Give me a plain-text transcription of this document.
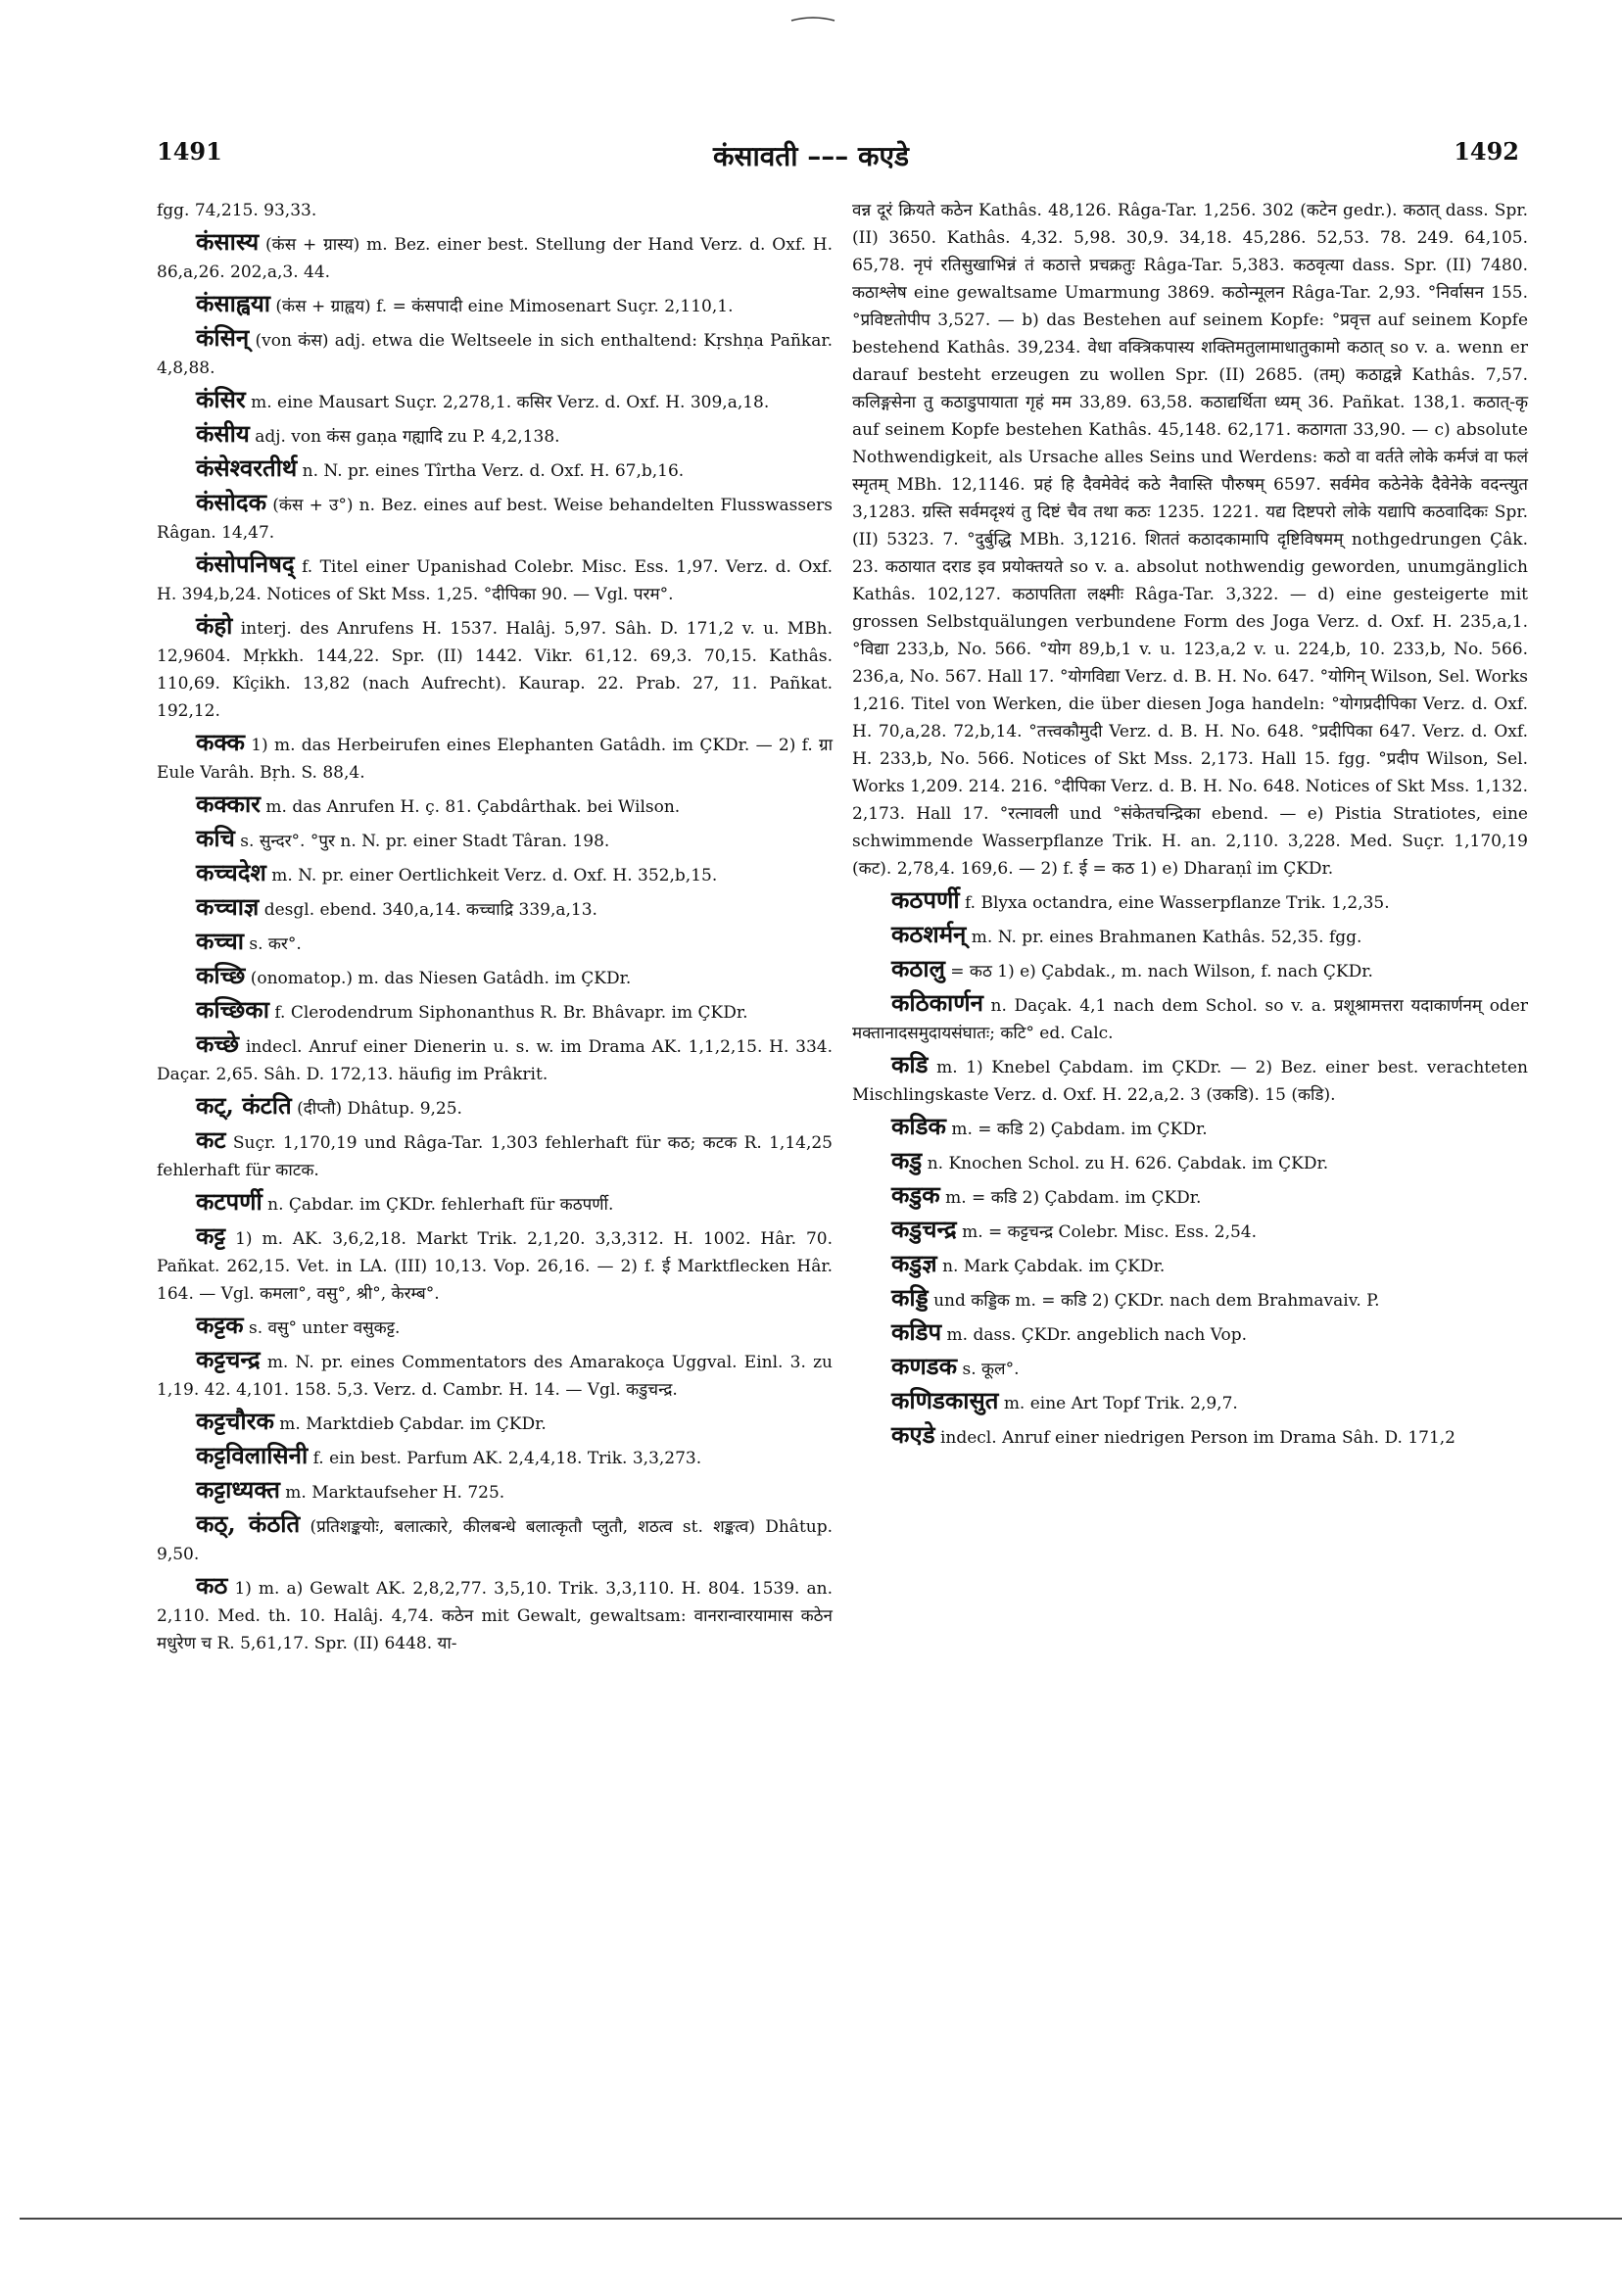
1491	कंसावती ––– कएडे	1492

fgg. 74,215. 93,33.

कंसास्य (कंस + ग्रास्य) m. Bez. einer best. Stellung der Hand Verz. d. Oxf. H. 86,a,26. 202,a,3. 44.

कंसाह्वया (कंस + ग्राह्वय) f. = कंसपादी eine Mimosenart Suçr. 2,110,1.

कंसिन् (von कंस) adj. etwa die Weltseele in sich enthaltend: Kṛshṇa Pañkar. 4,8,88.

कंसिर m. eine Mausart Suçr. 2,278,1. कसिर Verz. d. Oxf. H. 309,a,18.

कंसीय adj. von कंस gaṇa गह्यादि zu P. 4,2,138.

कंसेश्वरतीर्थ n. N. pr. eines Tîrtha Verz. d. Oxf. H. 67,b,16.

कंसोदक (कंस + उ°) n. Bez. eines auf best. Weise behandelten Flusswassers Râgan. 14,47.

कंसोपनिषद् f. Titel einer Upanishad Colebr. Misc. Ess. 1,97. Verz. d. Oxf. H. 394,b,24. Notices of Skt Mss. 1,25. °दीपिका 90. — Vgl. परम°.

कंहो interj. des Anrufens H. 1537. Halâj. 5,97. Sâh. D. 171,2 v. u. MBh. 12,9604. Mṛkkh. 144,22. Spr. (II) 1442. Vikr. 61,12. 69,3. 70,15. Kathâs. 110,69. Kîçikh. 13,82 (nach Aufrecht). Kaurap. 22. Prab. 27, 11. Pañkat. 192,12.

कक्क 1) m. das Herbeirufen eines Elephanten Gatâdh. im ÇKDr. — 2) f. ग्रा Eule Varâh. Bṛh. S. 88,4.

कक्कार m. das Anrufen H. ç. 81. Çabdârthak. bei Wilson.

कचि s. सुन्दर°. °पुर n. N. pr. einer Stadt Târan. 198.

कच्चदेश m. N. pr. einer Oertlichkeit Verz. d. Oxf. H. 352,b,15.

कच्चाज्ञ desgl. ebend. 340,a,14. कच्चाद्रि 339,a,13.

कच्चा s. कर°.

कच्छि (onomatop.) m. das Niesen Gatâdh. im ÇKDr.

कच्छिका f. Clerodendrum Siphonanthus R. Br. Bhâvapr. im ÇKDr.

कच्छे indecl. Anruf einer Dienerin u. s. w. im Drama AK. 1,1,2,15. H. 334. Daçar. 2,65. Sâh. D. 172,13. häufig im Prâkrit.

कट्, कंटति (दीप्तौ) Dhâtup. 9,25.

कट Suçr. 1,170,19 und Râga-Tar. 1,303 fehlerhaft für कठ; कटक R. 1,14,25 fehlerhaft für काटक.

कटपर्णी n. Çabdar. im ÇKDr. fehlerhaft für कठपर्णी.

कट्ट 1) m. AK. 3,6,2,18. Markt Trik. 2,1,20. 3,3,312. H. 1002. Hâr. 70. Pañkat. 262,15. Vet. in LA. (III) 10,13. Vop. 26,16. — 2) f. ई Marktflecken Hâr. 164. — Vgl. कमला°, वसु°, श्री°, केरम्ब°.

कट्टक s. वसु° unter वसुकट्ट.

कट्टचन्द्र m. N. pr. eines Commentators des Amarakoça Uggval. Einl. 3. zu 1,19. 42. 4,101. 158. 5,3. Verz. d. Cambr. H. 14. — Vgl. कडुचन्द्र.

कट्टचौरक m. Marktdieb Çabdar. im ÇKDr.

कट्टविलासिनी f. ein best. Parfum AK. 2,4,4,18. Trik. 3,3,273.

कट्टाध्यक्त m. Marktaufseher H. 725.

कठ्, कंठति (प्रतिशङ्कयोः, बलात्कारे, कीलबन्धे बलात्कृतौ प्लुतौ, शठत्व st. शङ्कत्व) Dhâtup. 9,50.

कठ 1) m. a) Gewalt AK. 2,8,2,77. 3,5,10. Trik. 3,3,110. H. 804. 1539. an. 2,110. Med. th. 10. Halâj. 4,74. कठेन mit Gewalt, gewaltsam: वानरान्वारयामास कठेन मधुरेण च R. 5,61,17. Spr. (II) 6448. या-

वन्न दूरं क्रियते कठेन Kathâs. 48,126. Râga-Tar. 1,256. 302 (कटेन gedr.). कठात् dass. Spr. (II) 3650. Kathâs. 4,32. 5,98. 30,9. 34,18. 45,286. 52,53. 78. 249. 64,105. 65,78. नृपं रतिसुखाभिन्नं तं कठात्ते प्रचक्रतुः Râga-Tar. 5,383. कठवृत्या dass. Spr. (II) 7480. कठाश्लेष eine gewaltsame Umarmung 3869. कठोन्मूलन Râga-Tar. 2,93. °निर्वासन 155. °प्रविष्टतोपीप 3,527. — b) das Bestehen auf seinem Kopfe: °प्रवृत्त auf seinem Kopfe bestehend Kathâs. 39,234. वेधा वक्त्रिकपास्य शक्तिमतुलामाधातुकामो कठात् so v. a. wenn er darauf besteht erzeugen zu wollen Spr. (II) 2685. (तम्) कठाद्वन्ने Kathâs. 7,57. कलिङ्गसेना तु कठाडुपायाता गृहं मम 33,89. 63,58. कठाद्यर्थिता ध्यम् 36. Pañkat. 138,1. कठात्-कृ auf seinem Kopfe bestehen Kathâs. 45,148. 62,171. कठागता 33,90. — c) absolute Nothwendigkeit, als Ursache alles Seins und Werdens: कठो वा वर्तते लोके कर्मजं वा फलं स्मृतम् MBh. 12,1146. प्रहं हि दैवमेवेदं कठे नैवास्ति पौरुषम् 6597. सर्वमेव कठेनेके दैवेनेके वदन्त्युत 3,1283. ग्रस्ति सर्वमदृश्यं तु दिष्टं चैव तथा कठः 1235. 1221. यद्य दिष्टपरो लोके यद्यापि कठवादिकः Spr. (II) 5323. 7. °दुर्बुद्धि MBh. 3,1216. शिततं कठादकामापि दृष्टिविषमम् nothgedrungen Çâk. 23. कठायात दराड इव प्रयोक्तयते so v. a. absolut nothwendig geworden, unumgänglich Kathâs. 102,127. कठापतिता लक्ष्मीः Râga-Tar. 3,322. — d) eine gesteigerte mit grossen Selbstquälungen verbundene Form des Joga Verz. d. Oxf. H. 235,a,1. °विद्या 233,b, No. 566. °योग 89,b,1 v. u. 123,a,2 v. u. 224,b, 10. 233,b, No. 566. 236,a, No. 567. Hall 17. °योगविद्या Verz. d. B. H. No. 647. °योगिन् Wilson, Sel. Works 1,216. Titel von Werken, die über diesen Joga handeln: °योगप्रदीपिका Verz. d. Oxf. H. 70,a,28. 72,b,14. °तत्त्वकौमुदी Verz. d. B. H. No. 648. °प्रदीपिका 647. Verz. d. Oxf. H. 233,b, No. 566. Notices of Skt Mss. 2,173. Hall 15. fgg. °प्रदीप Wilson, Sel. Works 1,209. 214. 216. °दीपिका Verz. d. B. H. No. 648. Notices of Skt Mss. 1,132. 2,173. Hall 17. °रत्नावली und °संकेतचन्द्रिका ebend. — e) Pistia Stratiotes, eine schwimmende Wasserpflanze Trik. H. an. 2,110. 3,228. Med. Suçr. 1,170,19 (कट). 2,78,4. 169,6. — 2) f. ई = कठ 1) e) Dharaṇî im ÇKDr.

कठपर्णी f. Blyxa octandra, eine Wasserpflanze Trik. 1,2,35.

कठशर्मन् m. N. pr. eines Brahmanen Kathâs. 52,35. fgg.

कठालु = कठ 1) e) Çabdak., m. nach Wilson, f. nach ÇKDr.

कठिकार्णन n. Daçak. 4,1 nach dem Schol. so v. a. प्रशूश्रामत्तरा यदाकार्णनम् oder मक्तानादसमुदायसंघातः; कटि° ed. Calc.

कडि m. 1) Knebel Çabdam. im ÇKDr. — 2) Bez. einer best. verachteten Mischlingskaste Verz. d. Oxf. H. 22,a,2. 3 (उकडि). 15 (कडि).

कडिक m. = कडि 2) Çabdam. im ÇKDr.

कडु n. Knochen Schol. zu H. 626. Çabdak. im ÇKDr.

कडुक m. = कडि 2) Çabdam. im ÇKDr.

कडुचन्द्र m. = कट्टचन्द्र Colebr. Misc. Ess. 2,54.

कडुज्ञ n. Mark Çabdak. im ÇKDr.

कड्डि und कड्डिक m. = कडि 2) ÇKDr. nach dem Brahmavaiv. P.

कडिप m. dass. ÇKDr. angeblich nach Vop.

कणडक s. कूल°.

कणिडकासुत m. eine Art Topf Trik. 2,9,7.

कएडे indecl. Anruf einer niedrigen Person im Drama Sâh. D. 171,2
